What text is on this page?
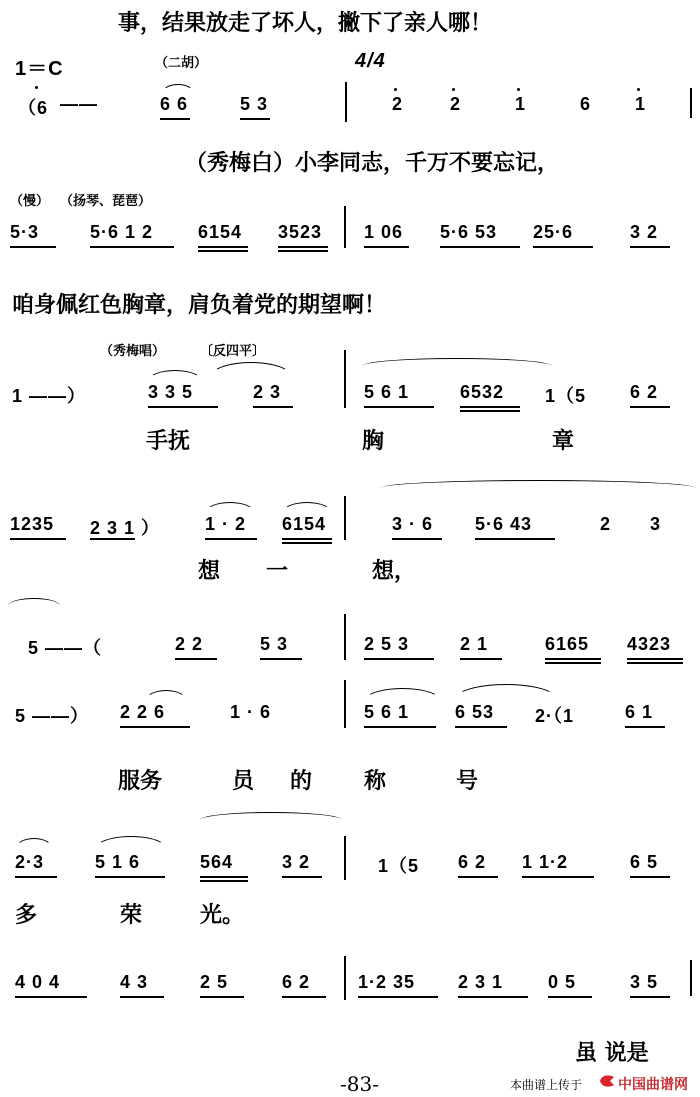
事，结果放走了坏人，撇下了亲人哪！
1＝C	（二胡）	4/4
（6 ——	6 6	5 3	2	2	1	6 1
（秀梅白）小李同志，千万不要忘记，
（慢） （扬琴、琵琶）
5·3	5·6 1 2 6154 3523 1 06 5·6 53 25·6	3 2
咱身佩红色胸章，肩负着党的期望啊！
（秀梅唱）	〔反四平〕
1 ——）	3 3 5	2 3	5 6 1	6532 1（5 6 2
手抚	胸	章
1235 2 3 1 ） 1 · 2 6154	3 · 6 5·6 43	2 3
想 一	想，
5 ——（	2 2	5 3	2 5 3	2 1	6165 4323
5 ——） 2 2 6	1 · 6	5 6 1	6 53 2·（1	6 1
服务	员 的 称	号
2·3	5 1 6	564	3 2	1（5 6 2 1 1·2	6 5
多	荣	光。
4 0 4	4 3	2 5	6 2	1·2 35 2 3 1 0 5	3 5
虽 说是
-83-	本曲谱上传于	中国曲谱网
